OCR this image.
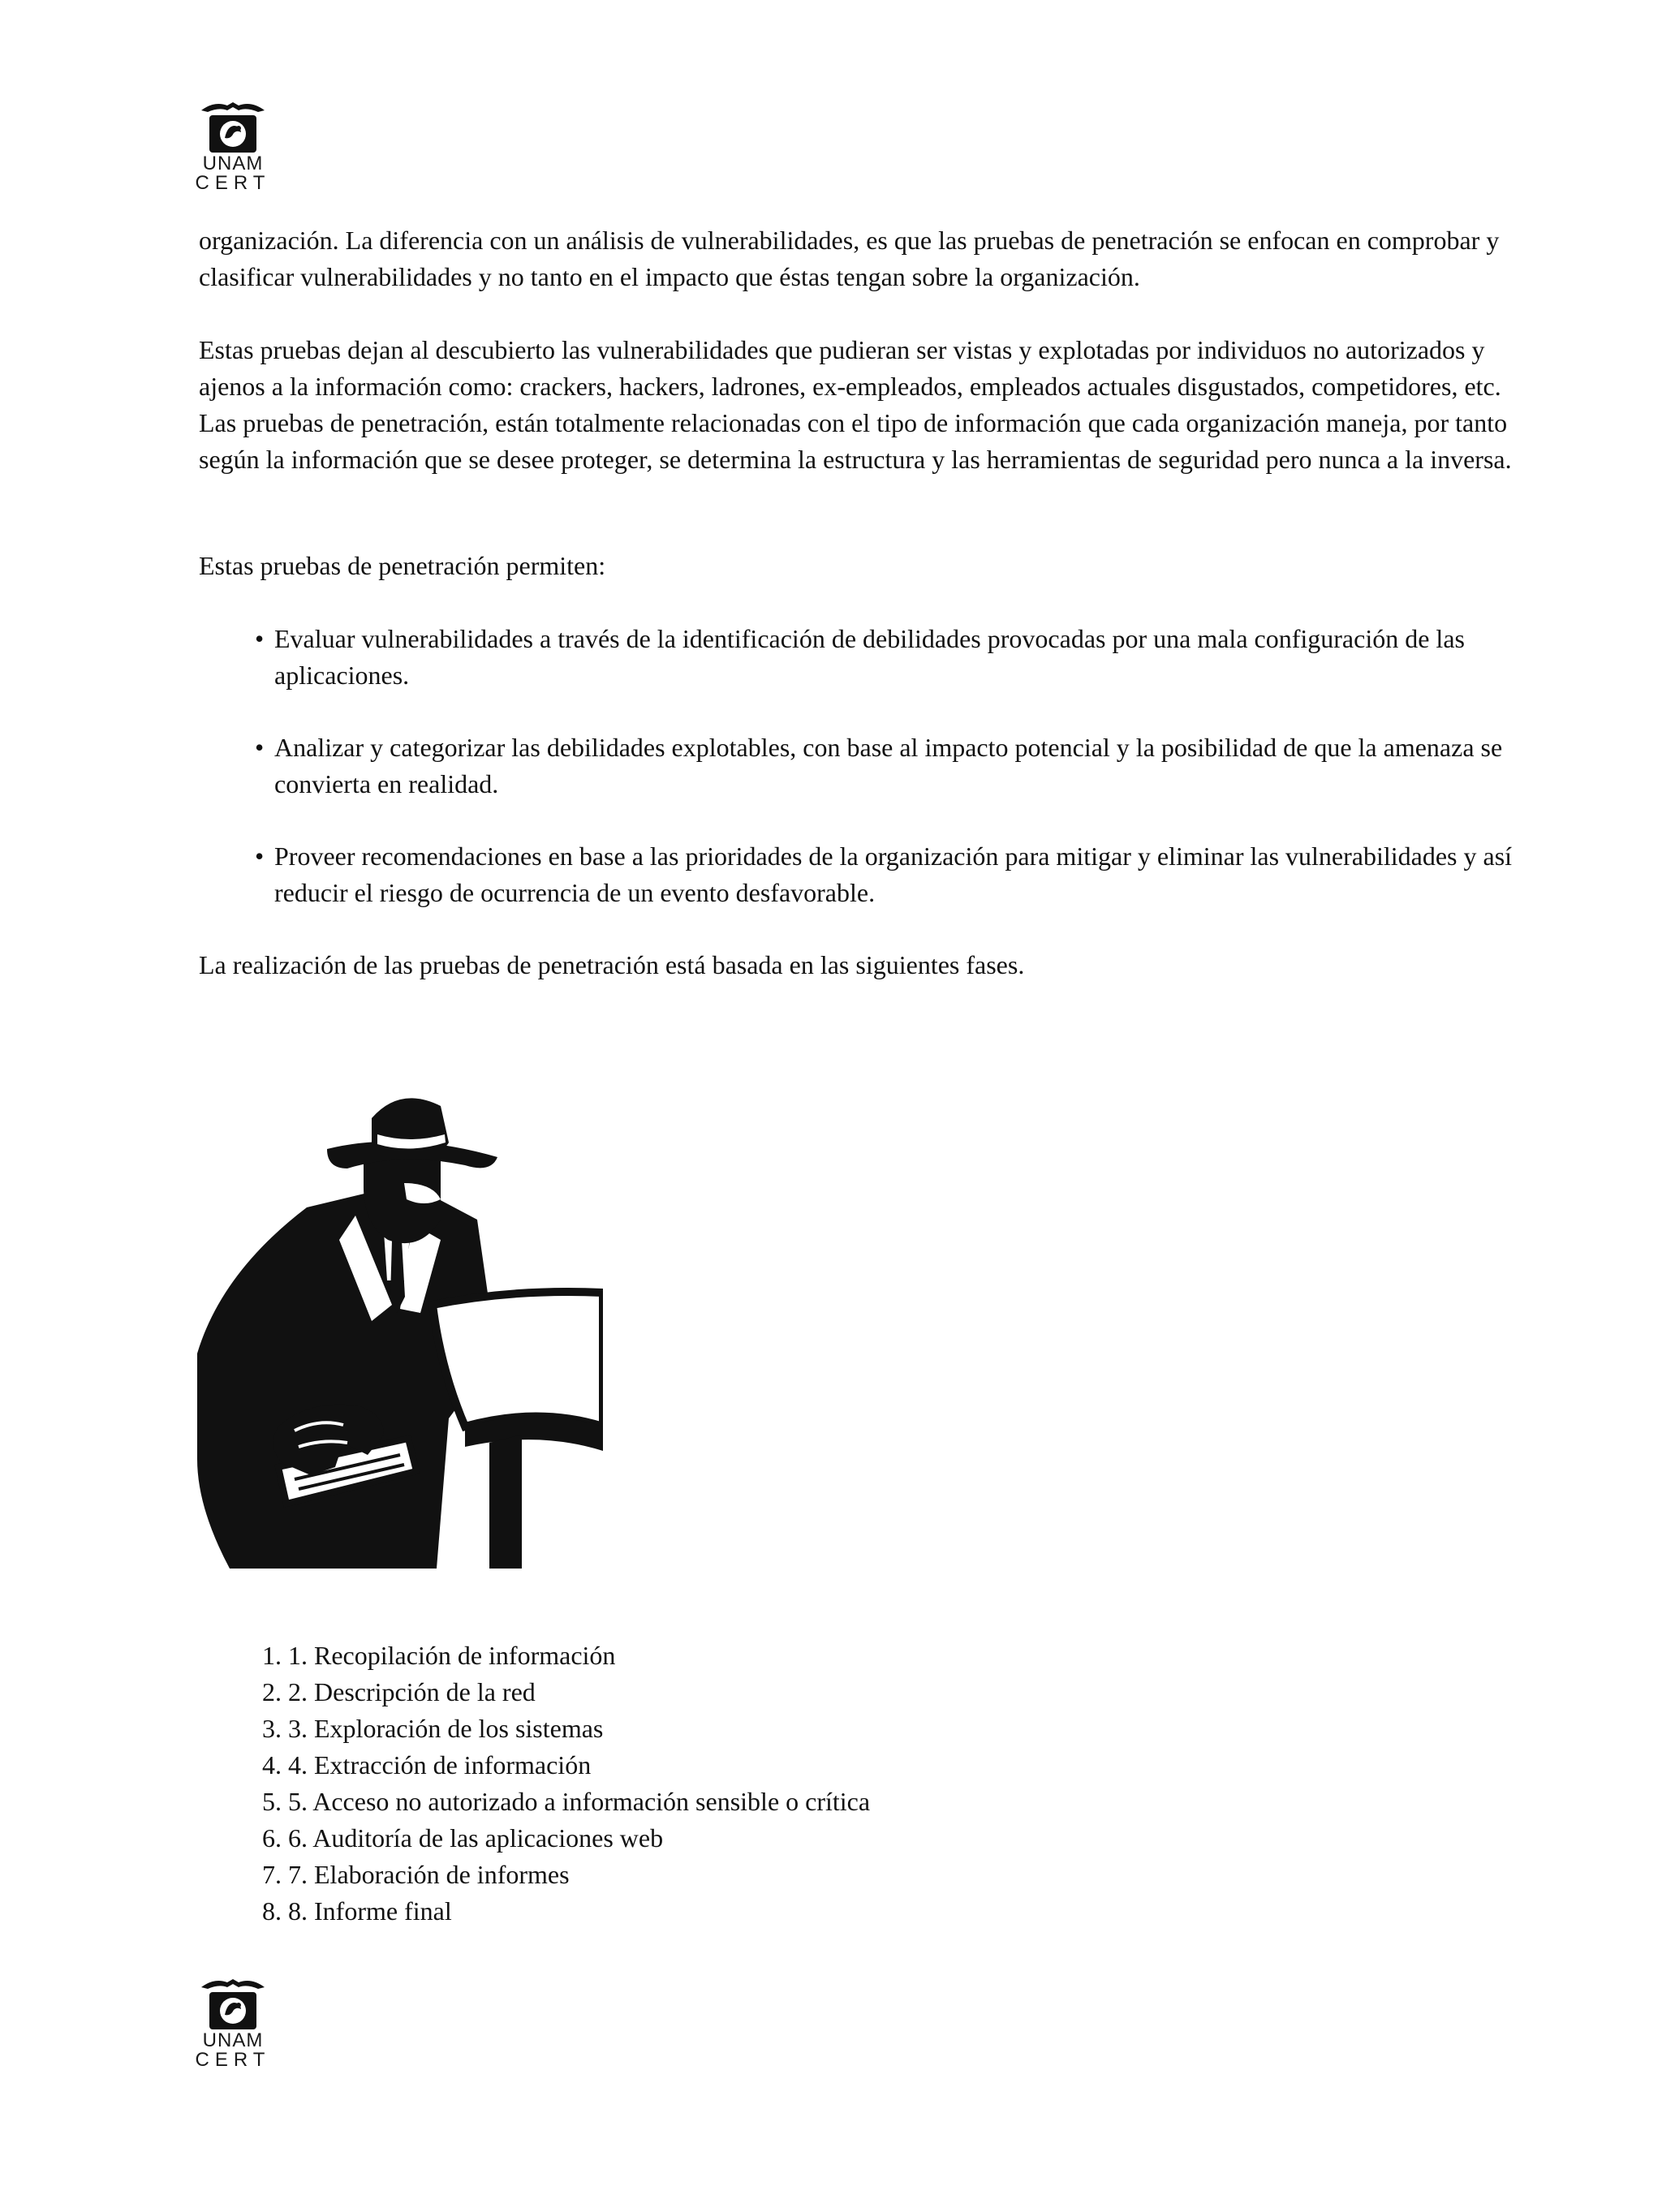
UNAM
CERT

organización. La diferencia con un análisis de vulnerabilidades, es que las pruebas de penetración se enfocan en comprobar y clasificar vulnerabilidades y no tanto en el impacto que éstas tengan sobre la organización.

Estas pruebas dejan al descubierto las vulnerabilidades que pudieran ser vistas y explotadas por individuos no autorizados y ajenos a la información como: crackers, hackers, ladrones, ex-empleados, empleados actuales disgustados, competidores, etc. Las pruebas de penetración, están totalmente relacionadas con el tipo de información que cada organización maneja, por tanto según la información que se desee proteger, se determina la estructura y las herramientas de seguridad pero nunca a la inversa.

Estas pruebas de penetración permiten:

• Evaluar vulnerabilidades a través de la identificación de debilidades provocadas por una mala configuración de las aplicaciones.
• Analizar y categorizar las debilidades explotables, con base al impacto potencial y la posibilidad de que la amenaza se convierta en realidad.
• Proveer recomendaciones en base a las prioridades de la organización para mitigar y eliminar las vulnerabilidades y así reducir el riesgo de ocurrencia de un evento desfavorable.

La realización de las pruebas de penetración está basada en las siguientes fases.

1. 1. Recopilación de información
2. 2. Descripción de la red
3. 3. Exploración de los sistemas
4. 4. Extracción de información
5. 5. Acceso no autorizado a información sensible o crítica
6. 6. Auditoría de las aplicaciones web
7. 7. Elaboración de informes
8. 8. Informe final
UNAM
CERT
